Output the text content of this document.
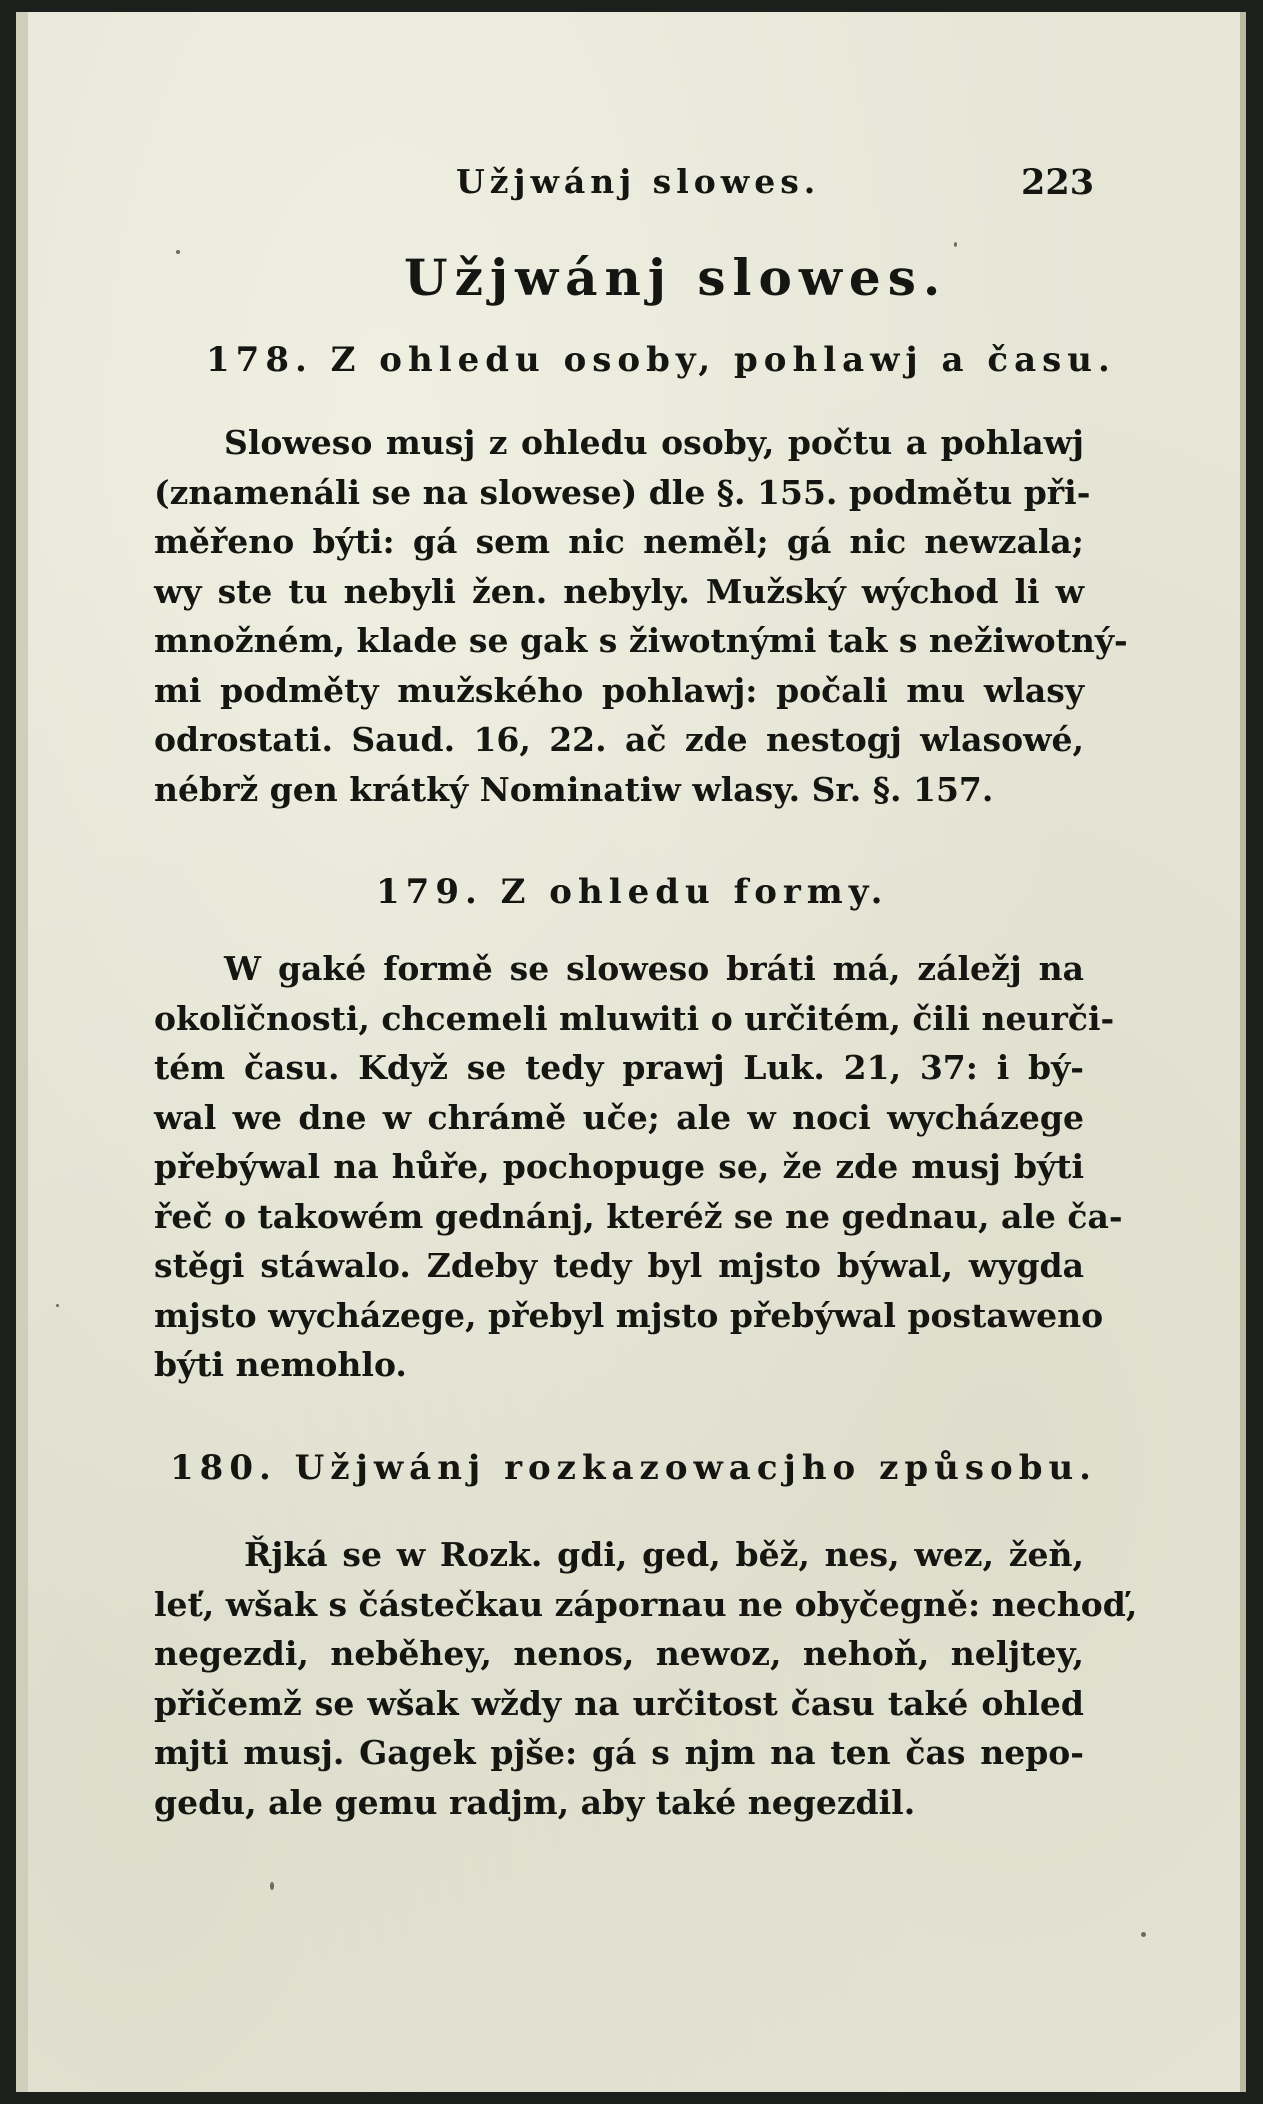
Užjwánj slowes.	223
Užjwánj slowes.
178. Z ohledu osoby, pohlawj a času.
Slowesо musj z ohledu osoby, počtu a pohlawj
(znamenáli se na slowese) dle §. 155. podmětu při-
měřeno býti: gá sem nic neměl; gá nic newzala;
wy ste tu nebyli žen. nebyly. Mužský wýchod li w
množném, klade se gak s žiwotnými tak s nežiwotný-
mi podměty mužského pohlawj: počali mu wlasy
odrostati. Saud. 16, 22. ač zde nestogj wlasowé,
nébrž gen krátký Nominatiw wlasy. Sr. §. 157.
179. Z ohledu formy.
W gaké formě se slowesо bráti má, záležj na
okolĭčnosti, chcemeli mluwiti o určitém, čili neurči-
tém času. Když se tedy prawj Luk. 21, 37: i bý-
wal we dne w chrámě uče; ale w noci wycházege
přebýwal na hůře, pochopuge se, že zde musj býti
řeč o takowém gednánj, kteréž se ne gednau, ale ča-
stěgi stáwalo. Zdeby tedy byl mjsto býwal, wygda
mjsto wycházege, přebyl mjsto přebýwal postaweno
býti nemohlo.
180. Užjwánj rozkazowacjho způsobu.
Řjká se w Rozk. gdi, ged, běž, nes, wez, žeň,
leť, wšak s částečkau zápornau ne obyčegně: nechoď,
negezdi, neběhey, nenos, newoz, nehoň, neljtey,
přičemž se wšak wždy na určitost času také ohled
mjti musj. Gagek pjše: gá s njm na ten čas nepo-
gedu, ale gemu radjm, aby také negezdil.
